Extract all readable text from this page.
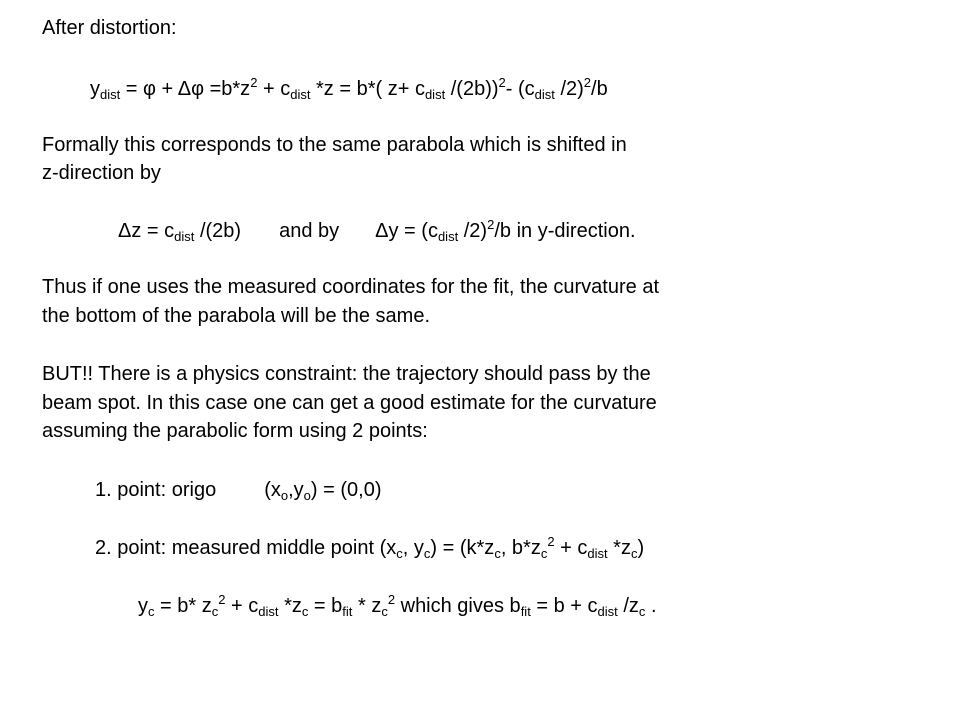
After distortion:
$y_{dist} = \varphi + \Delta\varphi =b*z^2 + c_{dist}$ *z = b*( $z+ c_{dist}$ /(2b))$^2$- ($c_{dist}$ /2)$^2$/b
Formally this corresponds to the same parabola which is shifted in
z-direction by
$\Delta z = c_{dist}$ /(2b) and by $\Delta y = (c_{dist}$ /2)$^2$/b in y-direction.
Thus if one uses the measured coordinates for the fit, the curvature at
the bottom of the parabola will be the same.
BUT!! There is a physics constraint: the trajectory should pass by the
beam spot. In this case one can get a good estimate for the curvature
assuming the parabolic form using 2 points:
1. point: origo $(x_o,y_o) = (0,0)$
2. point: measured middle point ($x_c$, $y_c) = (k*z_c$, $b*z_c^2 + c_{dist}$ $*z_c$)
$y_c = b*$ $z_c^2 + c_{dist}$ $*z_c = b_{fit} * z_c^2$ which gives $b_{fit} = b + c_{dist}$ $/z_c$ .
